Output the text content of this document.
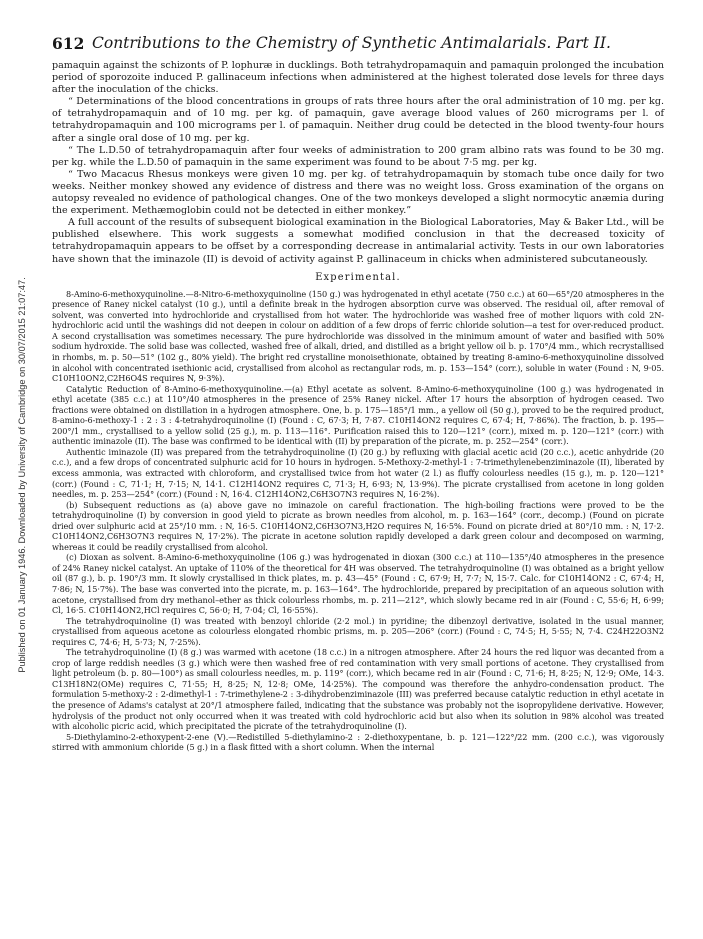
Published on 01 January 1946. Downloaded by University of Cambridge on 30/07/2015 21:07:47.
612 Contributions to the Chemistry of Synthetic Antimalarials. Part II.

pamaquin against the schizonts of P. lophuræ in ducklings. Both tetrahydropamaquin and pamaquin prolonged the incubation period of sporozoite induced P. gallinaceum infections when administered at the highest tolerated dose levels for three days after the inoculation of the chicks.

“ Determinations of the blood concentrations in groups of rats three hours after the oral administration of 10 mg. per kg. of tetrahydropamaquin and of 10 mg. per kg. of pamaquin, gave average blood values of 260 micrograms per l. of tetrahydropamaquin and 100 micrograms per l. of pamaquin. Neither drug could be detected in the blood twenty-four hours after a single oral dose of 10 mg. per kg.

“ The L.D.50 of tetrahydropamaquin after four weeks of administration to 200 gram albino rats was found to be 30 mg. per kg. while the L.D.50 of pamaquin in the same experiment was found to be about 7·5 mg. per kg.

“ Two Macacus Rhesus monkeys were given 10 mg. per kg. of tetrahydropamaquin by stomach tube once daily for two weeks. Neither monkey showed any evidence of distress and there was no weight loss. Gross examination of the organs on autopsy revealed no evidence of pathological changes. One of the two monkeys developed a slight normocytic anæmia during the experiment. Methæmoglobin could not be detected in either monkey.”

A full account of the results of subsequent biological examination in the Biological Laboratories, May & Baker Ltd., will be published elsewhere. This work suggests a somewhat modified conclusion in that the decreased toxicity of tetrahydropamaquin appears to be offset by a corresponding decrease in antimalarial activity. Tests in our own laboratories have shown that the iminazole (II) is devoid of activity against P. gallinaceum in chicks when administered subcutaneously.

Experimental.

8-Amino-6-methoxyquinoline.—8-Nitro-6-methoxyquinoline (150 g.) was hydrogenated in ethyl acetate (750 c.c.) at 60—65°/20 atmospheres in the presence of Raney nickel catalyst (10 g.), until a definite break in the hydrogen absorption curve was observed. The residual oil, after removal of solvent, was converted into hydrochloride and crystallised from hot water. The hydrochloride was washed free of mother liquors with cold 2N-hydrochloric acid until the washings did not deepen in colour on addition of a few drops of ferric chloride solution—a test for over-reduced product. A second crystallisation was sometimes necessary. The pure hydrochloride was dissolved in the minimum amount of water and basified with 50% sodium hydroxide. The solid base was collected, washed free of alkali, dried, and distilled as a bright yellow oil b. p. 170°/4 mm., which recrystallised in rhombs, m. p. 50—51° (102 g., 80% yield). The bright red crystalline monoisethionate, obtained by treating 8-amino-6-methoxyquinoline dissolved in alcohol with concentrated isethionic acid, crystallised from alcohol as rectangular rods, m. p. 153—154° (corr.), soluble in water (Found : N, 9·05. C10H10ON2,C2H6O4S requires N, 9·3%).

Catalytic Reduction of 8-Amino-6-methoxyquinoline.—(a) Ethyl acetate as solvent. 8-Amino-6-methoxyquinoline (100 g.) was hydrogenated in ethyl acetate (385 c.c.) at 110°/40 atmospheres in the presence of 25% Raney nickel. After 17 hours the absorption of hydrogen ceased. Two fractions were obtained on distillation in a hydrogen atmosphere. One, b. p. 175—185°/1 mm., a yellow oil (50 g.), proved to be the required product, 8-amino-6-methoxy-1 : 2 : 3 : 4-tetrahydroquinoline (I) (Found : C, 67·3; H, 7·87. C10H14ON2 requires C, 67·4; H, 7·86%). The fraction, b. p. 195—200°/1 mm., crystallised to a yellow solid (25 g.), m. p. 113—116°. Purification raised this to 120—121° (corr.), mixed m. p. 120—121° (corr.) with authentic iminazole (II). The base was confirmed to be identical with (II) by preparation of the picrate, m. p. 252—254° (corr.).

Authentic iminazole (II) was prepared from the tetrahydroquinoline (I) (20 g.) by refluxing with glacial acetic acid (20 c.c.), acetic anhydride (20 c.c.), and a few drops of concentrated sulphuric acid for 10 hours in hydrogen. 5-Methoxy-2-methyl-1 : 7-trimethylenebenziminazole (II), liberated by excess ammonia, was extracted with chloroform, and crystallised twice from hot water (2 l.) as fluffy colourless needles (15 g.), m. p. 120—121° (corr.) (Found : C, 71·1; H, 7·15; N, 14·1. C12H14ON2 requires C, 71·3; H, 6·93; N, 13·9%). The picrate crystallised from acetone in long golden needles, m. p. 253—254° (corr.) (Found : N, 16·4. C12H14ON2,C6H3O7N3 requires N, 16·2%).

(b) Subsequent reductions as (a) above gave no iminazole on careful fractionation. The high-boiling fractions were proved to be the tetrahydroquinoline (I) by conversion in good yield to picrate as brown needles from alcohol, m. p. 163—164° (corr., decomp.) (Found on picrate dried over sulphuric acid at 25°/10 mm. : N, 16·5. C10H14ON2,C6H3O7N3,H2O requires N, 16·5%. Found on picrate dried at 80°/10 mm. : N, 17·2. C10H14ON2,C6H3O7N3 requires N, 17·2%). The picrate in acetone solution rapidly developed a dark green colour and decomposed on warming, whereas it could be readily crystallised from alcohol.

(c) Dioxan as solvent. 8-Amino-6-methoxyquinoline (106 g.) was hydrogenated in dioxan (300 c.c.) at 110—135°/40 atmospheres in the presence of 24% Raney nickel catalyst. An uptake of 110% of the theoretical for 4H was observed. The tetrahydroquinoline (I) was obtained as a bright yellow oil (87 g.), b. p. 190°/3 mm. It slowly crystallised in thick plates, m. p. 43—45° (Found : C, 67·9; H, 7·7; N, 15·7. Calc. for C10H14ON2 : C, 67·4; H, 7·86; N, 15·7%). The base was converted into the picrate, m. p. 163—164°. The hydrochloride, prepared by precipitation of an aqueous solution with acetone, crystallised from dry methanol–ether as thick colourless rhombs, m. p. 211—212°, which slowly became red in air (Found : C, 55·6; H, 6·99; Cl, 16·5. C10H14ON2,HCl requires C, 56·0; H, 7·04; Cl, 16·55%).

The tetrahydroquinoline (I) was treated with benzoyl chloride (2·2 mol.) in pyridine; the dibenzoyl derivative, isolated in the usual manner, crystallised from aqueous acetone as colourless elongated rhombic prisms, m. p. 205—206° (corr.) (Found : C, 74·5; H, 5·55; N, 7·4. C24H22O3N2 requires C, 74·6; H, 5·73; N, 7·25%).

The tetrahydroquinoline (I) (8 g.) was warmed with acetone (18 c.c.) in a nitrogen atmosphere. After 24 hours the red liquor was decanted from a crop of large reddish needles (3 g.) which were then washed free of red contamination with very small portions of acetone. They crystallised from light petroleum (b. p. 80—100°) as small colourless needles, m. p. 119° (corr.), which became red in air (Found : C, 71·6; H, 8·25; N, 12·9; OMe, 14·3. C13H18N2(OMe) requires C, 71·55; H, 8·25; N, 12·8; OMe, 14·25%). The compound was therefore the anhydro-condensation product. The formulation 5-methoxy-2 : 2-dimethyl-1 : 7-trimethylene-2 : 3-dihydrobenziminazole (III) was preferred because catalytic reduction in ethyl acetate in the presence of Adams's catalyst at 20°/1 atmosphere failed, indicating that the substance was probably not the isopropylidene derivative. However, hydrolysis of the product not only occurred when it was treated with cold hydrochloric acid but also when its solution in 98% alcohol was treated with alcoholic picric acid, which precipitated the picrate of the tetrahydroquinoline (I).

5-Diethylamino-2-ethoxypent-2-ene (V).—Redistilled 5-diethylamino-2 : 2-diethoxypentane, b. p. 121—122°/22 mm. (200 c.c.), was vigorously stirred with ammonium chloride (5 g.) in a flask fitted with a short column. When the internal
